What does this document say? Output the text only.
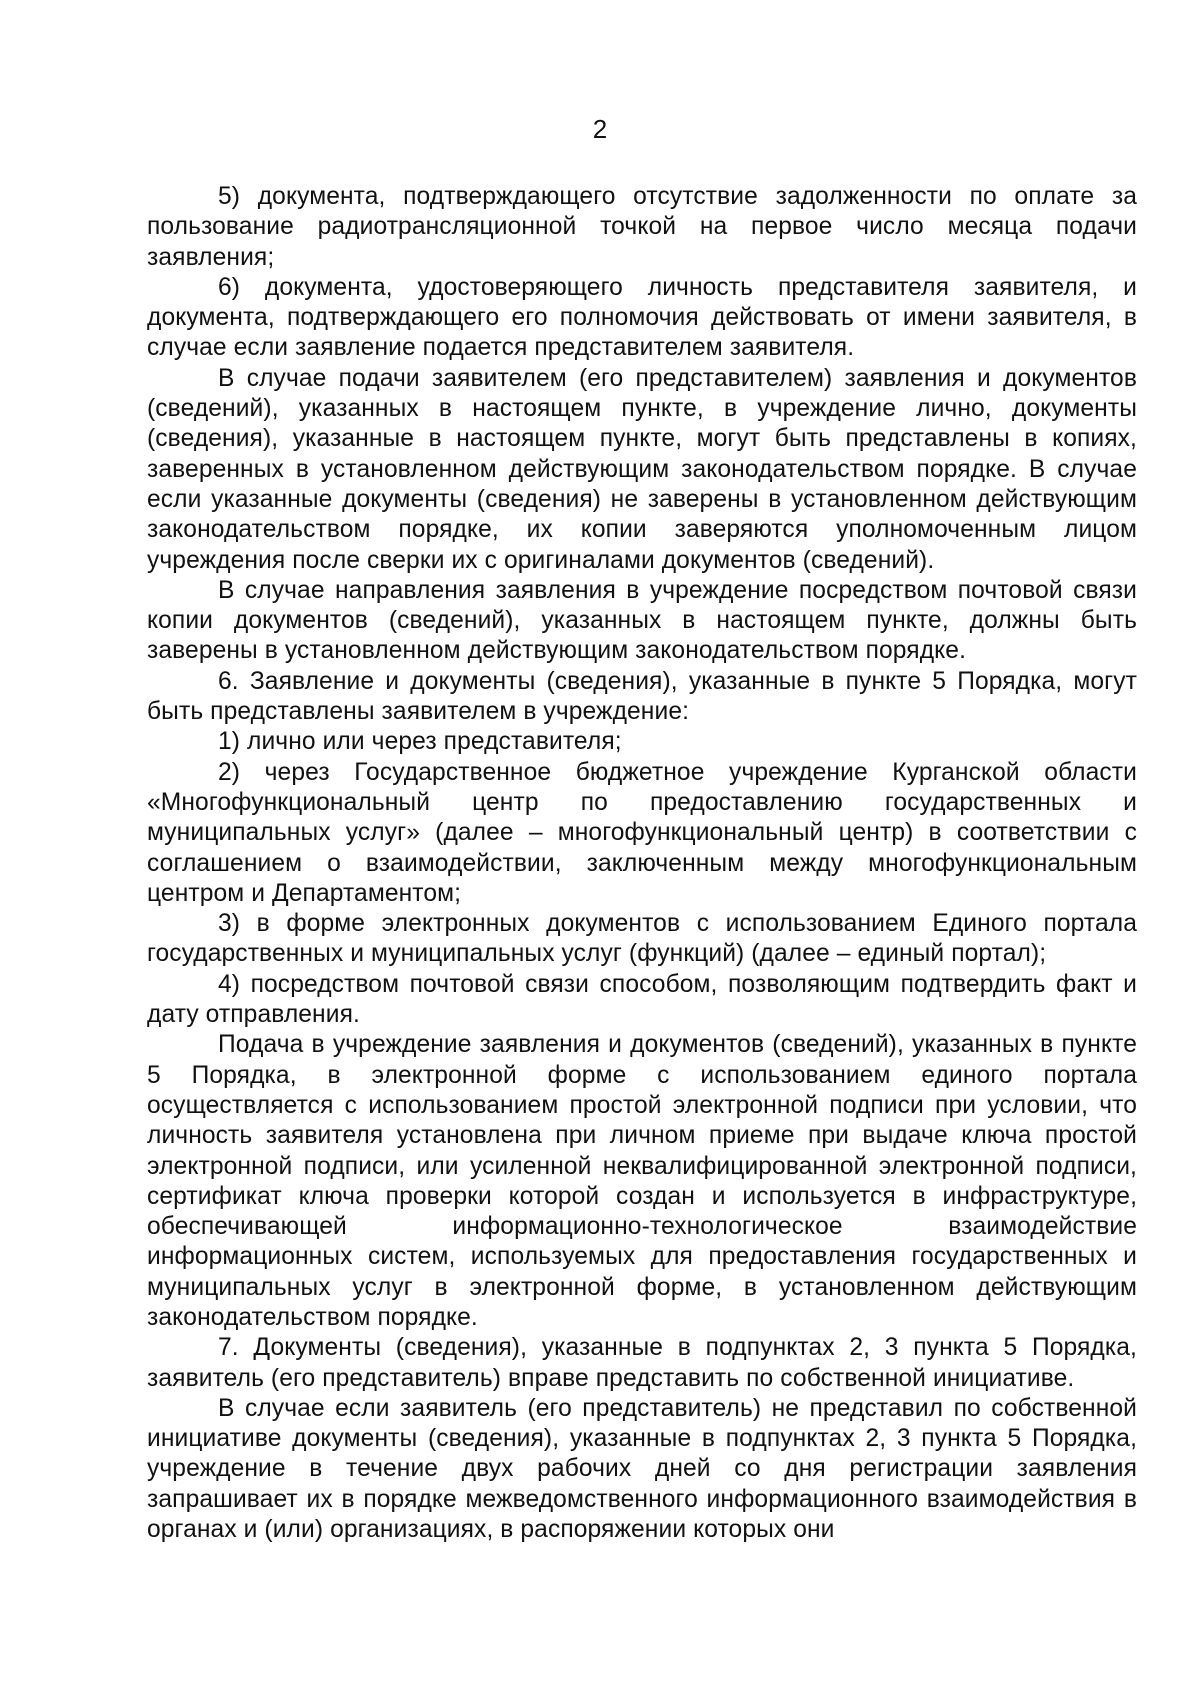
2

5) документа, подтверждающего отсутствие задолженности по оплате за пользование радиотрансляционной точкой на первое число месяца подачи заявления;

6) документа, удостоверяющего личность представителя заявителя, и документа, подтверждающего его полномочия действовать от имени заявителя, в случае если заявление подается представителем заявителя.

В случае подачи заявителем (его представителем) заявления и документов (сведений), указанных в настоящем пункте, в учреждение лично, документы (сведения), указанные в настоящем пункте, могут быть представлены в копиях, заверенных в установленном действующим законодательством порядке. В случае если указанные документы (сведения) не заверены в установленном действующим законодательством порядке, их копии заверяются уполномоченным лицом учреждения после сверки их с оригиналами документов (сведений).

В случае направления заявления в учреждение посредством почтовой связи копии документов (сведений), указанных в настоящем пункте, должны быть заверены в установленном действующим законодательством порядке.

6. Заявление и документы (сведения), указанные в пункте 5 Порядка, могут быть представлены заявителем в учреждение:

1) лично или через представителя;

2) через Государственное бюджетное учреждение Курганской области «Многофункциональный центр по предоставлению государственных и муниципальных услуг» (далее – многофункциональный центр) в соответствии с соглашением о взаимодействии, заключенным между многофункциональным центром и Департаментом;

3) в форме электронных документов с использованием Единого портала государственных и муниципальных услуг (функций) (далее – единый портал);

4) посредством почтовой связи способом, позволяющим подтвердить факт и дату отправления.

Подача в учреждение заявления и документов (сведений), указанных в пункте 5 Порядка, в электронной форме с использованием единого портала осуществляется с использованием простой электронной подписи при условии, что личность заявителя установлена при личном приеме при выдаче ключа простой электронной подписи, или усиленной неквалифицированной электронной подписи, сертификат ключа проверки которой создан и используется в инфраструктуре, обеспечивающей информационно-технологическое взаимодействие информационных систем, используемых для предоставления государственных и муниципальных услуг в электронной форме, в установленном действующим законодательством порядке.

7. Документы (сведения), указанные в подпунктах 2, 3 пункта 5 Порядка, заявитель (его представитель) вправе представить по собственной инициативе.

В случае если заявитель (его представитель) не представил по собственной инициативе документы (сведения), указанные в подпунктах 2, 3 пункта 5 Порядка, учреждение в течение двух рабочих дней со дня регистрации заявления запрашивает их в порядке межведомственного информационного взаимодействия в органах и (или) организациях, в распоряжении которых они
